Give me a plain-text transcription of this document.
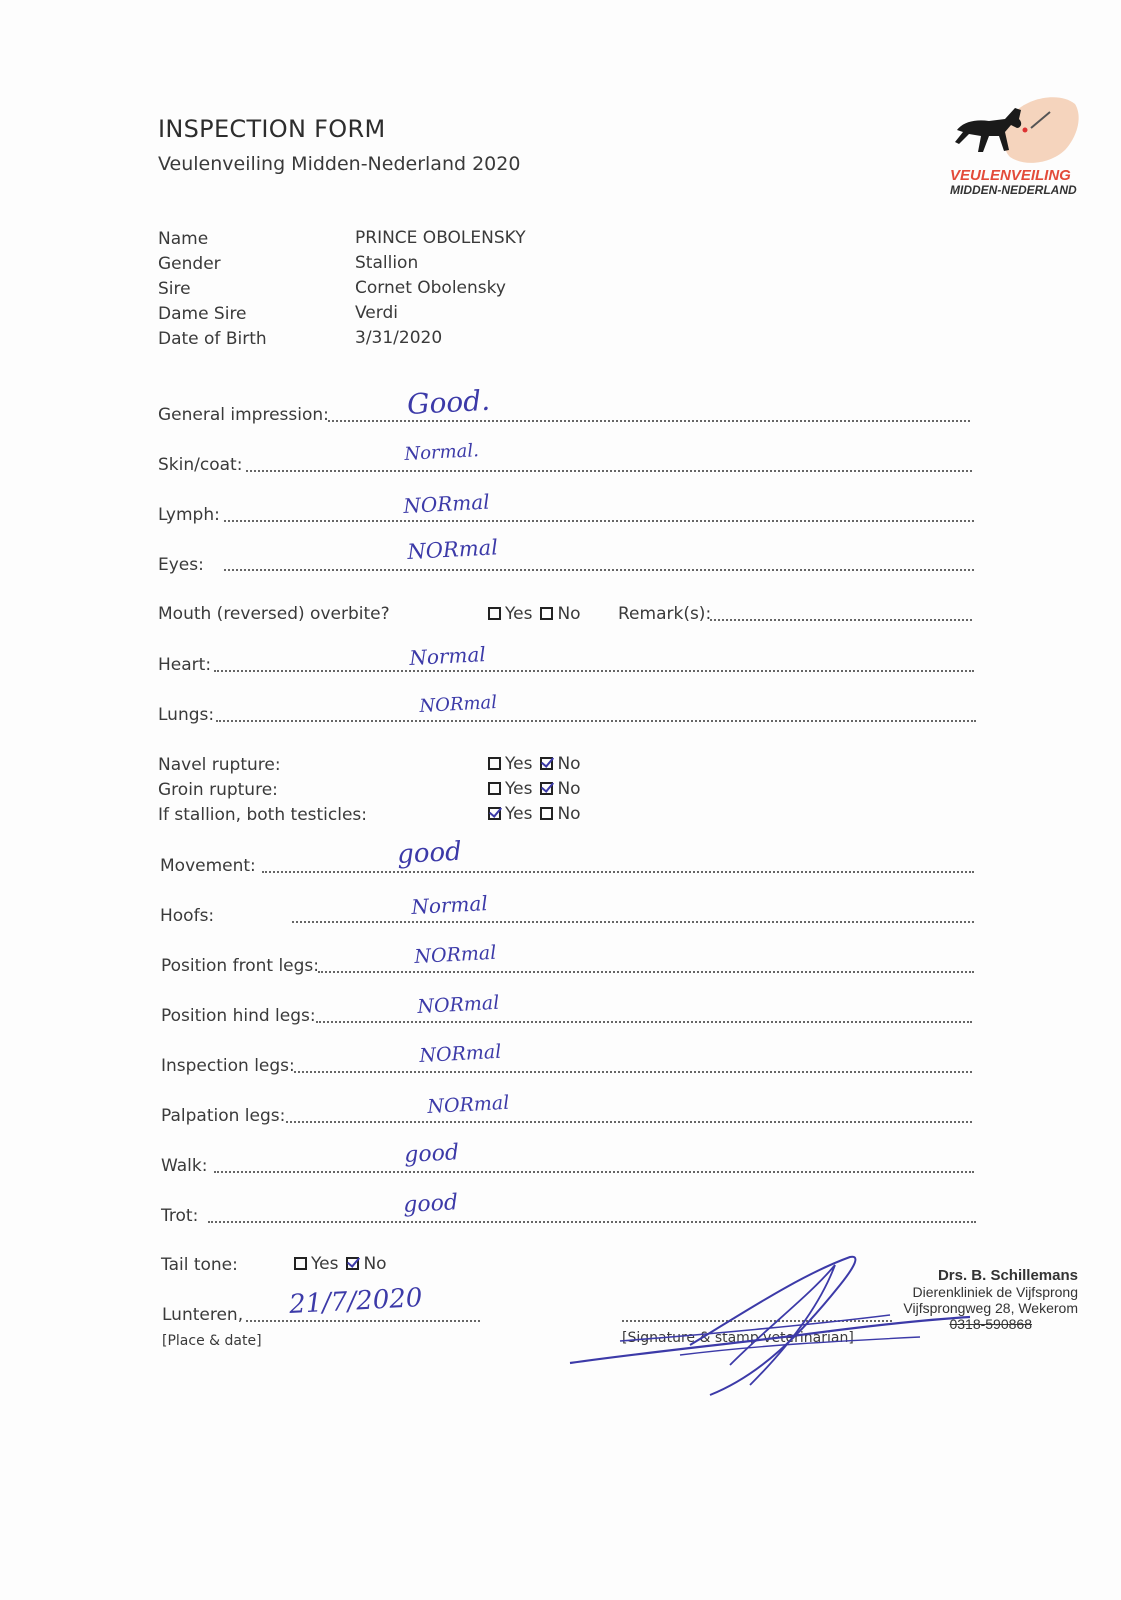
VEULENVEILING
MIDDEN-NEDERLAND
INSPECTION FORM
Veulenveiling Midden-Nederland 2020
Name	PRINCE OBOLENSKY
Gender	Stallion
Sire	Cornet Obolensky
Dame Sire	Verdi
Date of Birth	3/31/2020
General impression:	Good.
Skin/coat:	Normal.
Lymph:	NORmal
Eyes:
NORmal
Mouth (reversed) overbite?	Yes No Remark(s):
Heart:	Normal
Lungs:	NORmal
Navel rupture:	Yes No
Groin rupture:	Yes No
If stallion, both testicles:	Yes No
Movement:	good
Hoofs:	Normal
Position front legs:	NORmal
Position hind legs:	NORmal
Inspection legs:	NORmal
Palpation legs:	NORmal
Walk:	good
Trot:	good
Tail tone:	Yes No
Lunteren, 21/7/2020
[Place & date]	[Signature & stamp veterinarian]
Drs. B. Schillemans
Dierenkliniek de Vijfsprong
Vijfsprongweg 28, Wekerom
0318-590868
